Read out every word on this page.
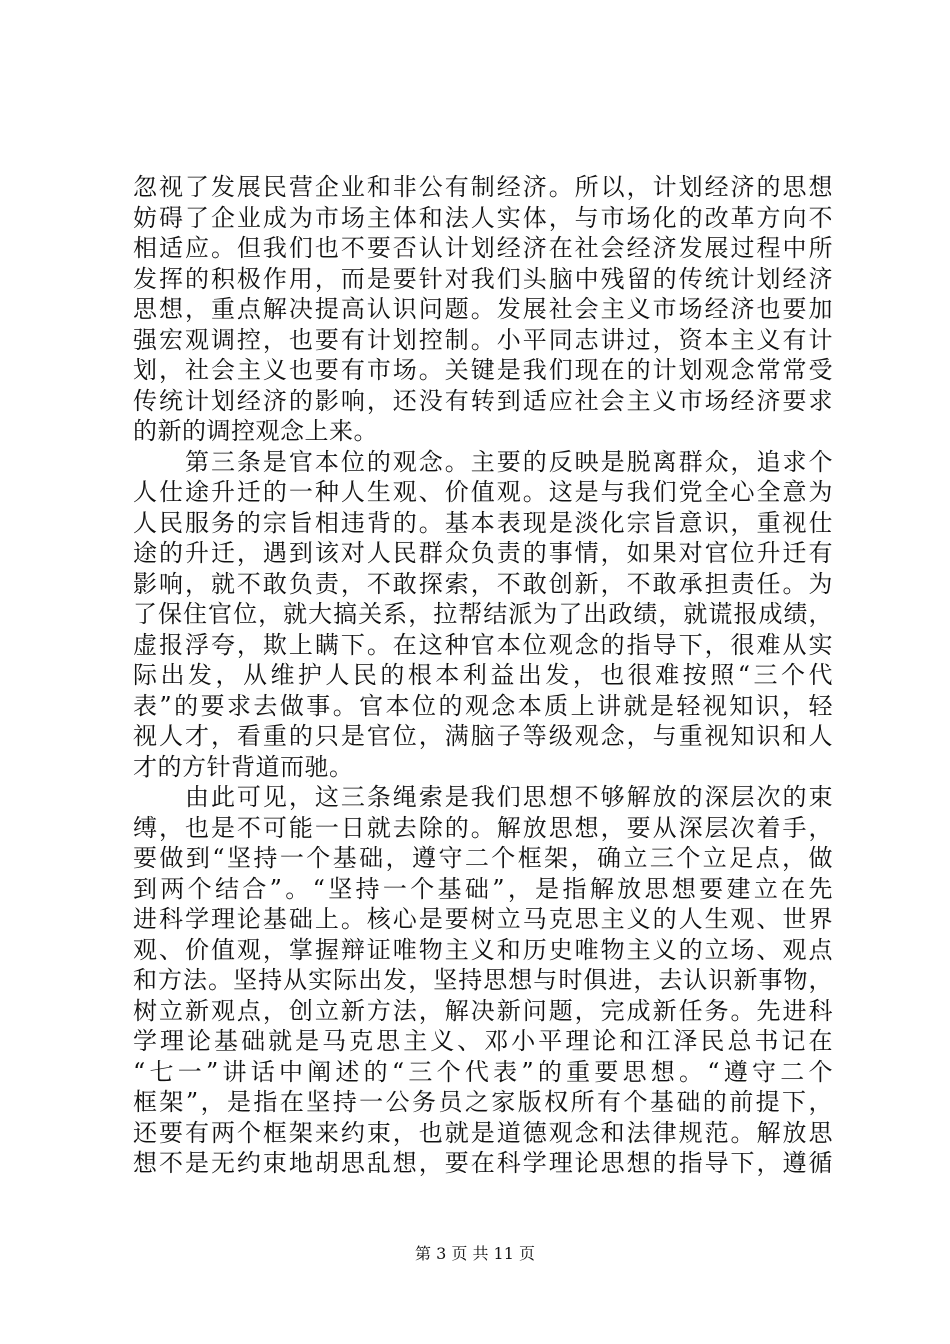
忽视了发展民营企业和非公有制经济。所以，计划经济的思想
妨碍了企业成为市场主体和法人实体，与市场化的改革方向不
相适应。但我们也不要否认计划经济在社会经济发展过程中所
发挥的积极作用，而是要针对我们头脑中残留的传统计划经济
思想，重点解决提高认识问题。发展社会主义市场经济也要加
强宏观调控，也要有计划控制。小平同志讲过，资本主义有计
划，社会主义也要有市场。关键是我们现在的计划观念常常受
传统计划经济的影响，还没有转到适应社会主义市场经济要求
的新的调控观念上来。
　　第三条是官本位的观念。主要的反映是脱离群众，追求个
人仕途升迁的一种人生观、价值观。这是与我们党全心全意为
人民服务的宗旨相违背的。基本表现是淡化宗旨意识，重视仕
途的升迁，遇到该对人民群众负责的事情，如果对官位升迁有
影响，就不敢负责，不敢探索，不敢创新，不敢承担责任。为
了保住官位，就大搞关系，拉帮结派为了出政绩，就谎报成绩，
虚报浮夸，欺上瞒下。在这种官本位观念的指导下，很难从实
际出发，从维护人民的根本利益出发，也很难按照“三个代
表”的要求去做事。官本位的观念本质上讲就是轻视知识，轻
视人才，看重的只是官位，满脑子等级观念，与重视知识和人
才的方针背道而驰。
　　由此可见，这三条绳索是我们思想不够解放的深层次的束
缚，也是不可能一日就去除的。解放思想，要从深层次着手，
要做到“坚持一个基础，遵守二个框架，确立三个立足点，做
到两个结合”。“坚持一个基础”，是指解放思想要建立在先
进科学理论基础上。核心是要树立马克思主义的人生观、世界
观、价值观，掌握辩证唯物主义和历史唯物主义的立场、观点
和方法。坚持从实际出发，坚持思想与时俱进，去认识新事物，
树立新观点，创立新方法，解决新问题，完成新任务。先进科
学理论基础就是马克思主义、邓小平理论和江泽民总书记在
“七一”讲话中阐述的“三个代表”的重要思想。“遵守二个
框架”，是指在坚持一公务员之家版权所有个基础的前提下，
还要有两个框架来约束，也就是道德观念和法律规范。解放思
想不是无约束地胡思乱想，要在科学理论思想的指导下，遵循
第 3 页 共 11 页
